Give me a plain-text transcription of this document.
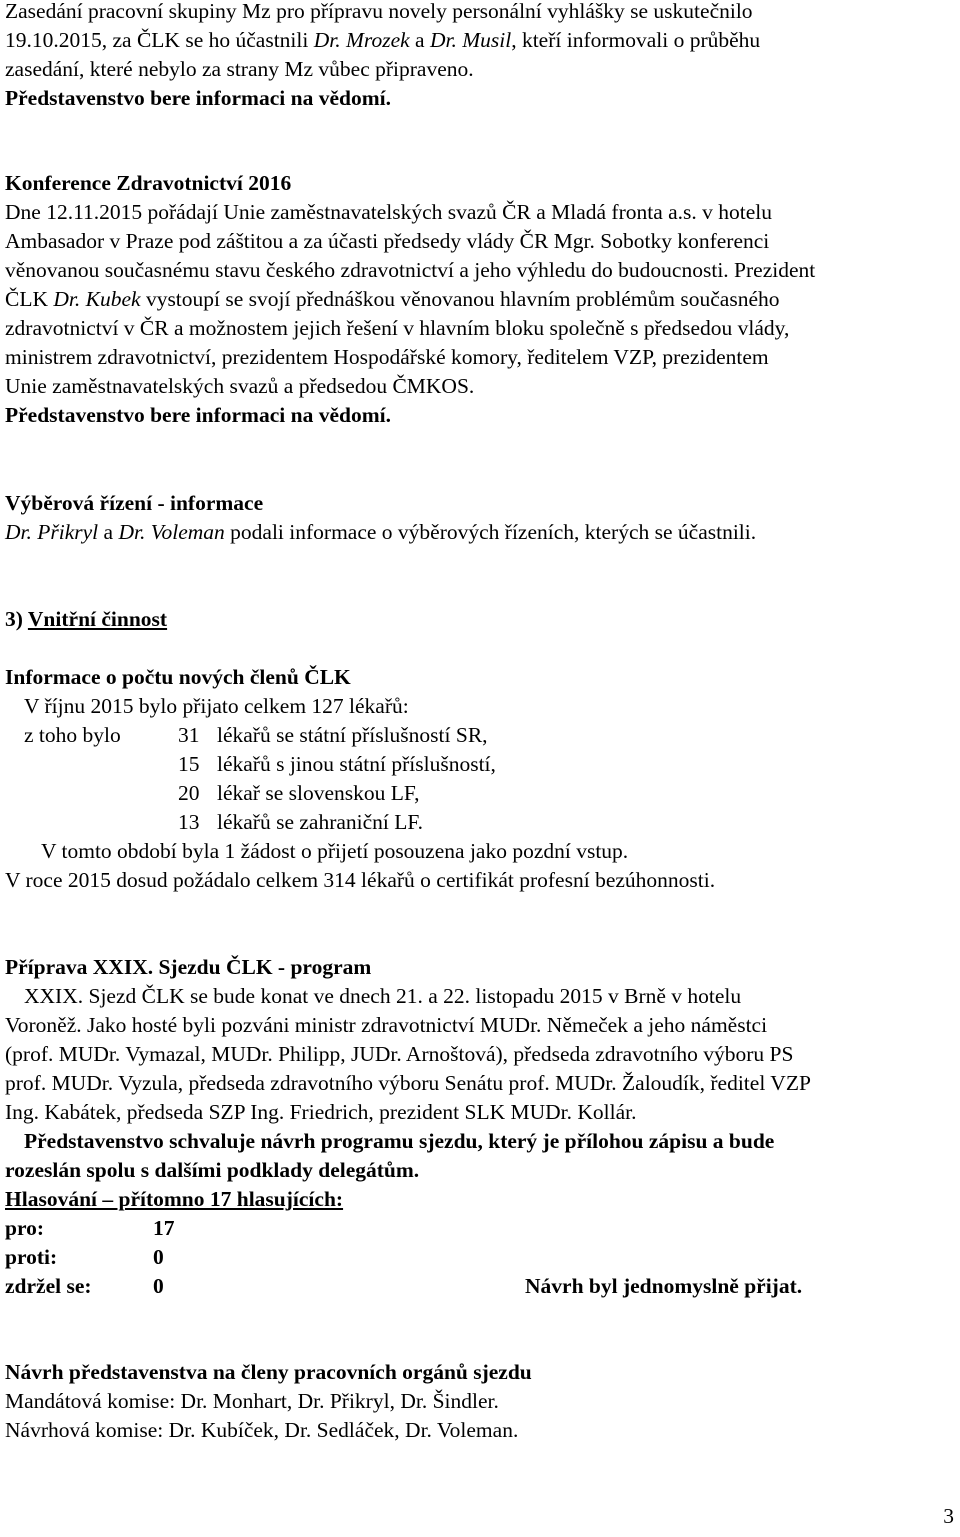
Zasedání pracovní skupiny Mz pro přípravu novely personální vyhlášky se uskutečnilo

19.10.2015, za ČLK se ho účastnili Dr. Mrozek a Dr. Musil, kteří informovali o průběhu

zasedání, které nebylo za strany Mz vůbec připraveno.

Představenstvo bere informaci na vědomí.

Konference Zdravotnictví 2016

Dne 12.11.2015 pořádají Unie zaměstnavatelských svazů ČR a Mladá fronta a.s. v hotelu

Ambasador v Praze pod záštitou a za účasti předsedy vlády ČR Mgr. Sobotky konferenci

věnovanou současnému stavu českého zdravotnictví a jeho výhledu do budoucnosti. Prezident

ČLK Dr. Kubek vystoupí se svojí přednáškou věnovanou hlavním problémům současného

zdravotnictví v ČR a možnostem jejich řešení v hlavním bloku společně s předsedou vlády,

ministrem zdravotnictví, prezidentem Hospodářské komory, ředitelem VZP, prezidentem

Unie zaměstnavatelských svazů a předsedou ČMKOS.

Představenstvo bere informaci na vědomí.

Výběrová řízení - informace

Dr. Přikryl a Dr. Voleman podali informace o výběrových řízeních, kterých se účastnili.

3) Vnitřní činnost

Informace o počtu nových členů ČLK

V říjnu 2015 bylo přijato celkem 127 lékařů:
z toho bylo	31 lékařů se státní příslušností SR,
15 lékařů s jinou státní příslušností,
20 lékař se slovenskou LF,
13 lékařů se zahraniční LF.
V tomto období byla 1 žádost o přijetí posouzena jako pozdní vstup.
V roce 2015 dosud požádalo celkem 314 lékařů o certifikát profesní bezúhonnosti.

Příprava XXIX. Sjezdu ČLK - program

XXIX. Sjezd ČLK se bude konat ve dnech 21. a 22. listopadu 2015 v Brně v hotelu

Voroněž. Jako hosté byli pozváni ministr zdravotnictví MUDr. Němeček a jeho náměstci

(prof. MUDr. Vymazal, MUDr. Philipp, JUDr. Arnoštová), předseda zdravotního výboru PS

prof. MUDr. Vyzula, předseda zdravotního výboru Senátu prof. MUDr. Žaloudík, ředitel VZP

Ing. Kabátek, předseda SZP Ing. Friedrich, prezident SLK MUDr. Kollár.

Představenstvo schvaluje návrh programu sjezdu, který je přílohou zápisu a bude

rozeslán spolu s dalšími podklady delegátům.

Hlasování – přítomno 17 hlasujících:

pro:	17
proti:	0
zdržel se:	0	Návrh byl jednomyslně přijat.

Návrh představenstva na členy pracovních orgánů sjezdu

Mandátová komise: Dr. Monhart, Dr. Přikryl, Dr. Šindler.

Návrhová komise: Dr. Kubíček, Dr. Sedláček, Dr. Voleman.

3
